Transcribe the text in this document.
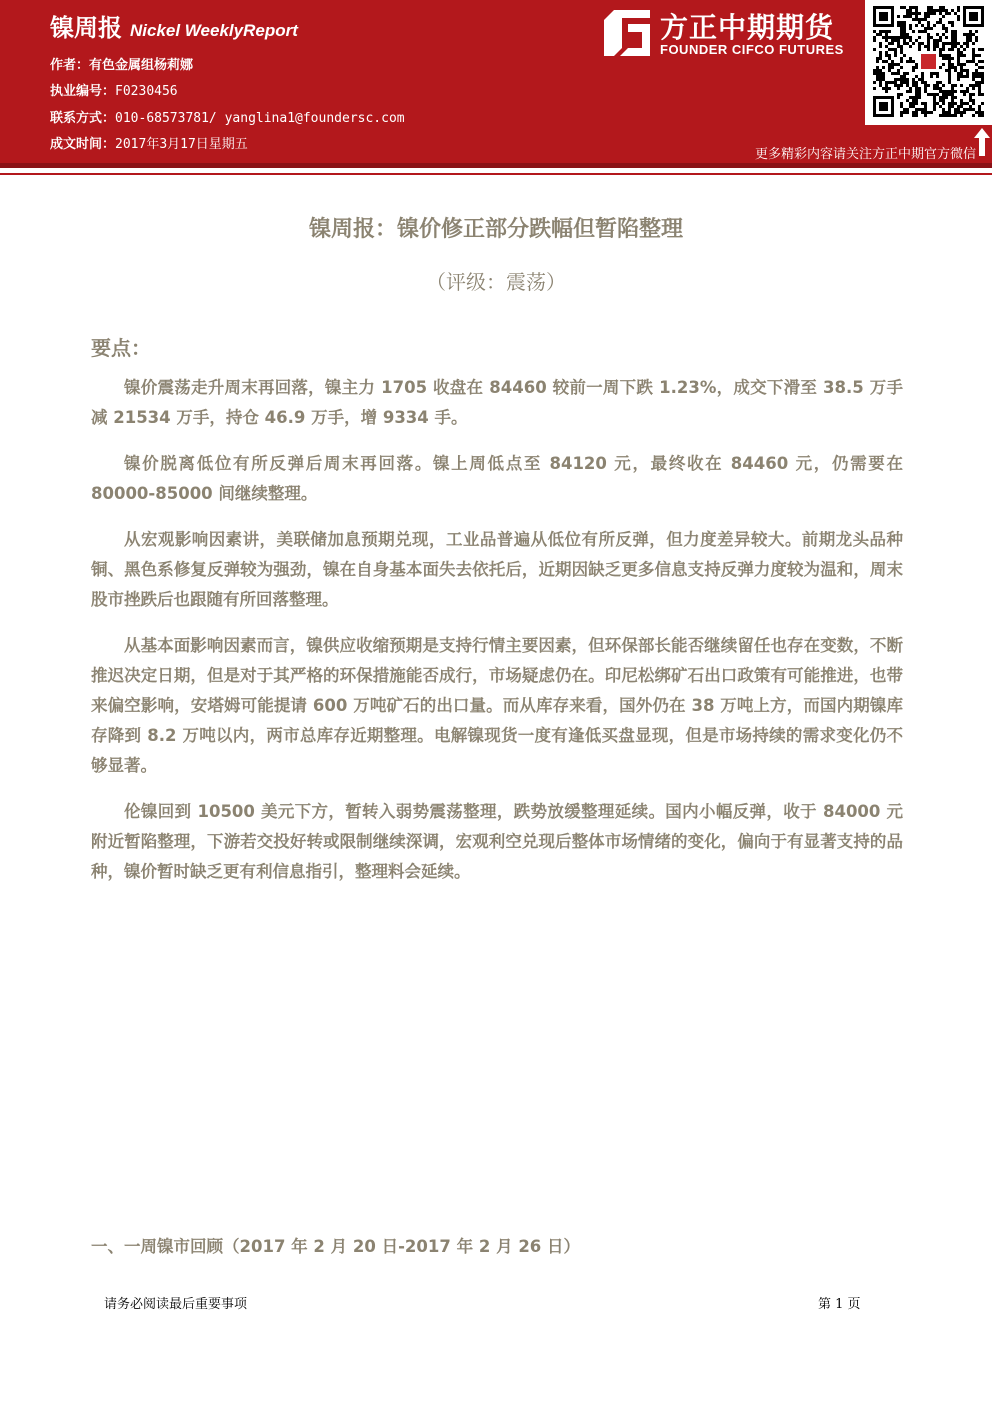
镍周报 Nickel WeeklyReport
作者：有色金属组杨莉娜
执业编号：F0230456
联系方式：010-68573781/ yanglina1@foundersc.com
成文时间：2017年3月17日星期五
方正中期期货
FOUNDER CIFCO FUTURES
更多精彩内容请关注方正中期官方微信
镍周报：镍价修正部分跌幅但暂陷整理
（评级：震荡）
要点：
镍价震荡走升周末再回落，镍主力 1705 收盘在 84460 较前一周下跌 1.23%，成交下滑至 38.5 万手减 21534 万手，持仓 46.9 万手，增 9334 手。
镍价脱离低位有所反弹后周末再回落。镍上周低点至 84120 元，最终收在 84460 元，仍需要在 80000-85000 间继续整理。
从宏观影响因素讲，美联储加息预期兑现，工业品普遍从低位有所反弹，但力度差异较大。前期龙头品种铜、黑色系修复反弹较为强劲，镍在自身基本面失去依托后，近期因缺乏更多信息支持反弹力度较为温和，周末股市挫跌后也跟随有所回落整理。
从基本面影响因素而言，镍供应收缩预期是支持行情主要因素，但环保部长能否继续留任也存在变数，不断推迟决定日期，但是对于其严格的环保措施能否成行，市场疑虑仍在。印尼松绑矿石出口政策有可能推进，也带来偏空影响，安塔姆可能提请 600 万吨矿石的出口量。而从库存来看，国外仍在 38 万吨上方，而国内期镍库存降到 8.2 万吨以内，两市总库存近期整理。电解镍现货一度有逢低买盘显现，但是市场持续的需求变化仍不够显著。
伦镍回到 10500 美元下方，暂转入弱势震荡整理，跌势放缓整理延续。国内小幅反弹，收于 84000 元附近暂陷整理，下游若交投好转或限制继续深调，宏观利空兑现后整体市场情绪的变化，偏向于有显著支持的品种，镍价暂时缺乏更有利信息指引，整理料会延续。
一、一周镍市回顾（2017 年 2 月 20 日-2017 年 2 月 26 日）
请务必阅读最后重要事项	第 1 页
